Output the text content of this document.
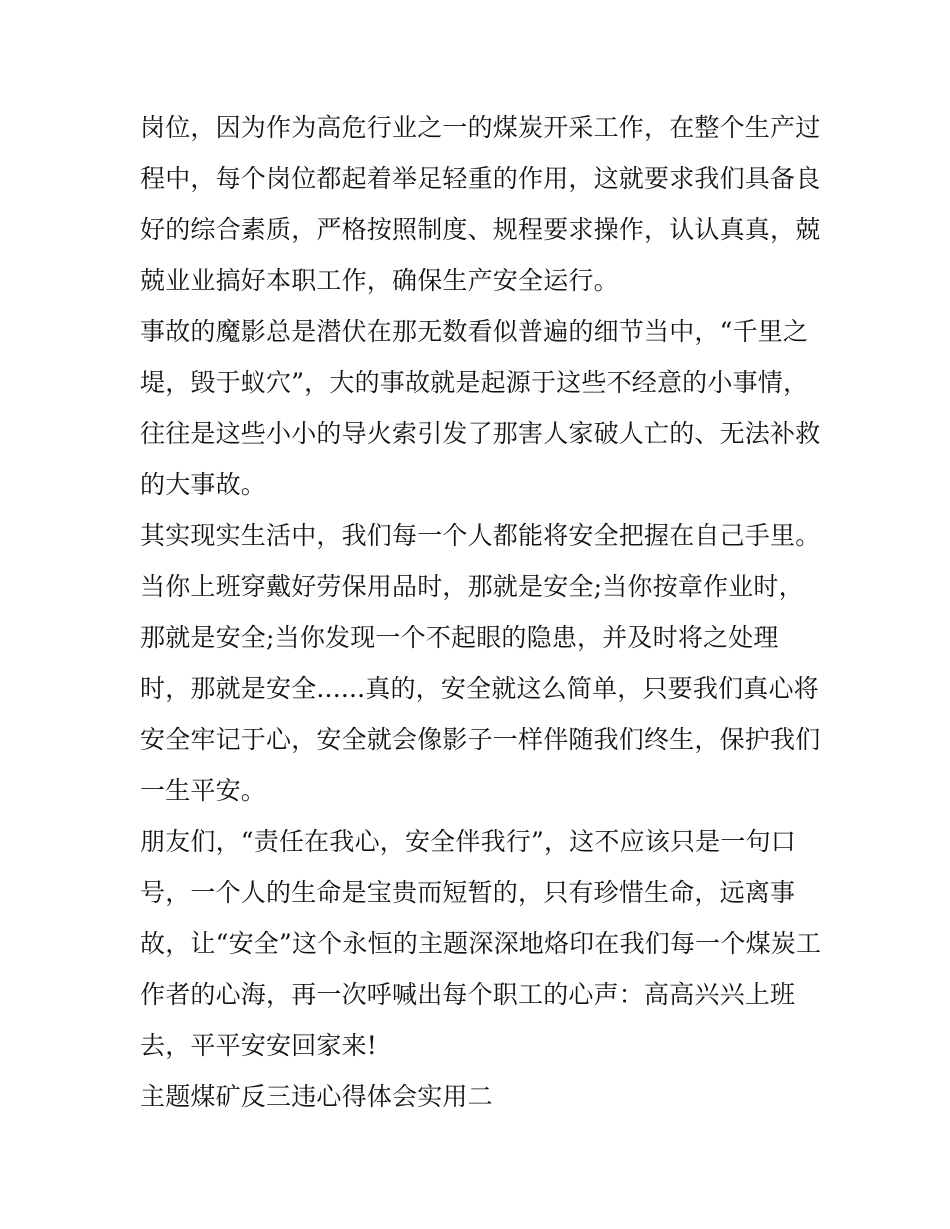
岗位，因为作为高危行业之一的煤炭开采工作，在整个生产过
程中，每个岗位都起着举足轻重的作用，这就要求我们具备良
好的综合素质，严格按照制度、规程要求操作，认认真真，兢
兢业业搞好本职工作，确保生产安全运行。
事故的魔影总是潜伏在那无数看似普遍的细节当中，“千里之
堤，毁于蚁穴”，大的事故就是起源于这些不经意的小事情，
往往是这些小小的导火索引发了那害人家破人亡的、无法补救
的大事故。
其实现实生活中，我们每一个人都能将安全把握在自己手里。
当你上班穿戴好劳保用品时，那就是安全;当你按章作业时，
那就是安全;当你发现一个不起眼的隐患，并及时将之处理
时，那就是安全......真的，安全就这么简单，只要我们真心将
安全牢记于心，安全就会像影子一样伴随我们终生，保护我们
一生平安。
朋友们，“责任在我心，安全伴我行”，这不应该只是一句口
号，一个人的生命是宝贵而短暂的，只有珍惜生命，远离事
故，让“安全”这个永恒的主题深深地烙印在我们每一个煤炭工
作者的心海，再一次呼喊出每个职工的心声：高高兴兴上班
去，平平安安回家来!
主题煤矿反三违心得体会实用二
